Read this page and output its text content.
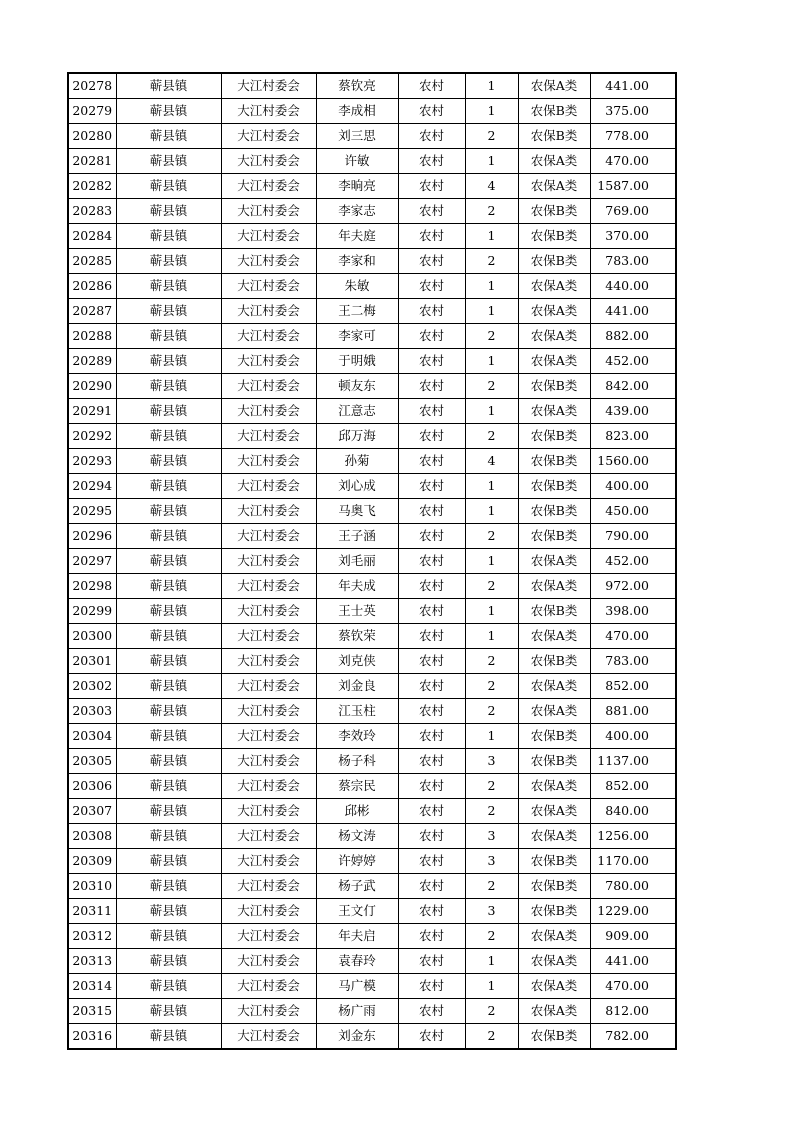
20278	蕲县镇	大江村委会	蔡钦亮	农村	1	农保A类	441.00
20279	蕲县镇	大江村委会	李成相	农村	1	农保B类	375.00
20280	蕲县镇	大江村委会	刘三思	农村	2	农保B类	778.00
20281	蕲县镇	大江村委会	许敏	农村	1	农保A类	470.00
20282	蕲县镇	大江村委会	李晌亮	农村	4	农保A类	1587.00
20283	蕲县镇	大江村委会	李家志	农村	2	农保B类	769.00
20284	蕲县镇	大江村委会	年夫庭	农村	1	农保B类	370.00
20285	蕲县镇	大江村委会	李家和	农村	2	农保B类	783.00
20286	蕲县镇	大江村委会	朱敏	农村	1	农保A类	440.00
20287	蕲县镇	大江村委会	王二梅	农村	1	农保A类	441.00
20288	蕲县镇	大江村委会	李家可	农村	2	农保A类	882.00
20289	蕲县镇	大江村委会	于明娥	农村	1	农保A类	452.00
20290	蕲县镇	大江村委会	顿友东	农村	2	农保B类	842.00
20291	蕲县镇	大江村委会	江意志	农村	1	农保A类	439.00
20292	蕲县镇	大江村委会	邱万海	农村	2	农保B类	823.00
20293	蕲县镇	大江村委会	孙菊	农村	4	农保B类	1560.00
20294	蕲县镇	大江村委会	刘心成	农村	1	农保B类	400.00
20295	蕲县镇	大江村委会	马奥飞	农村	1	农保B类	450.00
20296	蕲县镇	大江村委会	王子涵	农村	2	农保B类	790.00
20297	蕲县镇	大江村委会	刘毛丽	农村	1	农保A类	452.00
20298	蕲县镇	大江村委会	年夫成	农村	2	农保A类	972.00
20299	蕲县镇	大江村委会	王士英	农村	1	农保B类	398.00
20300	蕲县镇	大江村委会	蔡钦荣	农村	1	农保A类	470.00
20301	蕲县镇	大江村委会	刘克侠	农村	2	农保B类	783.00
20302	蕲县镇	大江村委会	刘金良	农村	2	农保A类	852.00
20303	蕲县镇	大江村委会	江玉柱	农村	2	农保A类	881.00
20304	蕲县镇	大江村委会	李效玲	农村	1	农保B类	400.00
20305	蕲县镇	大江村委会	杨子科	农村	3	农保B类	1137.00
20306	蕲县镇	大江村委会	蔡宗民	农村	2	农保A类	852.00
20307	蕲县镇	大江村委会	邱彬	农村	2	农保A类	840.00
20308	蕲县镇	大江村委会	杨文涛	农村	3	农保A类	1256.00
20309	蕲县镇	大江村委会	许婷婷	农村	3	农保B类	1170.00
20310	蕲县镇	大江村委会	杨子武	农村	2	农保B类	780.00
20311	蕲县镇	大江村委会	王文仃	农村	3	农保B类	1229.00
20312	蕲县镇	大江村委会	年夫启	农村	2	农保A类	909.00
20313	蕲县镇	大江村委会	袁春玲	农村	1	农保A类	441.00
20314	蕲县镇	大江村委会	马广模	农村	1	农保A类	470.00
20315	蕲县镇	大江村委会	杨广雨	农村	2	农保A类	812.00
20316	蕲县镇	大江村委会	刘金东	农村	2	农保B类	782.00
